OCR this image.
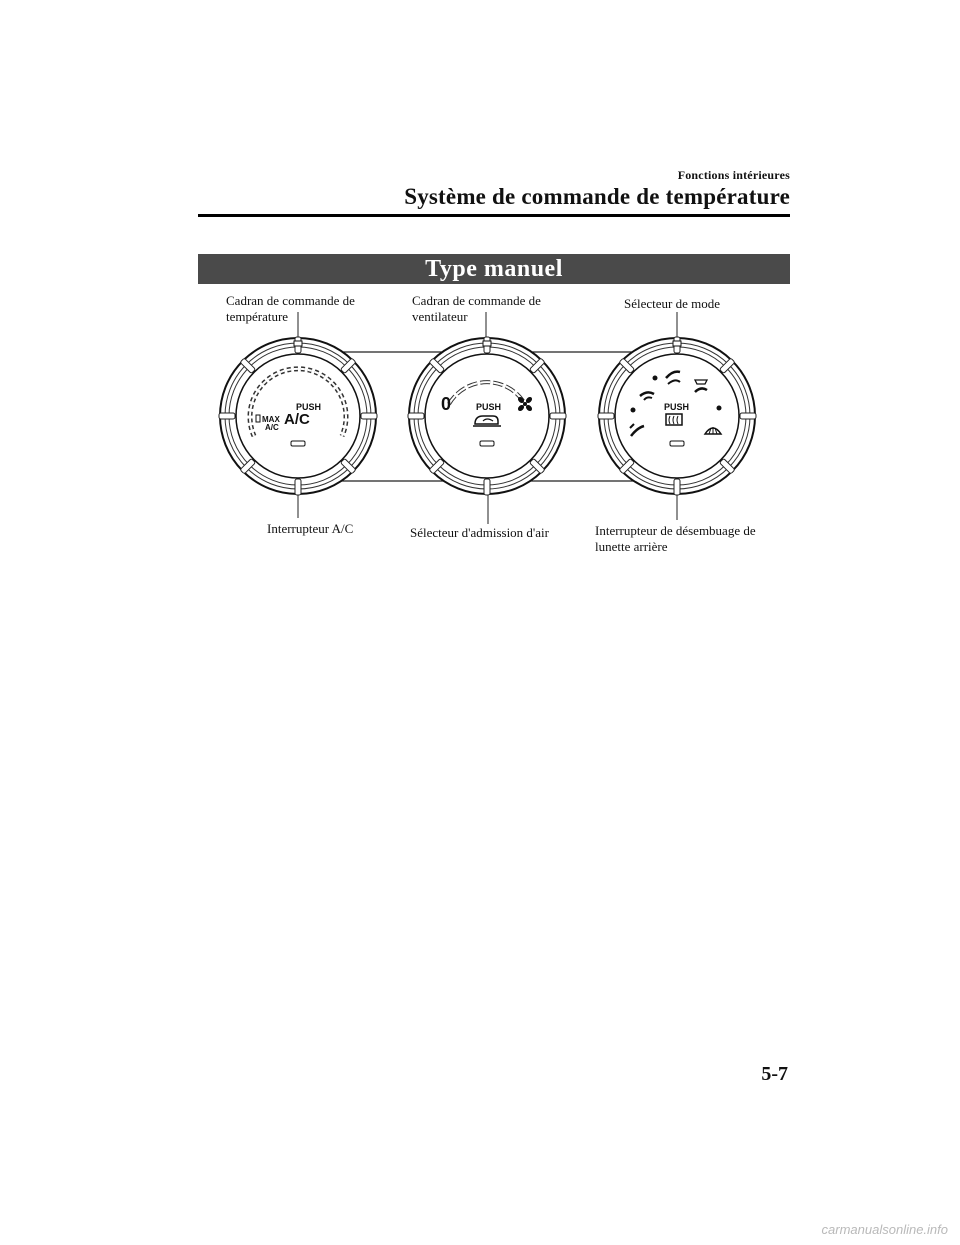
Fonctions intérieures
Système de commande de température
Type manuel
Cadran de commande de
température
Cadran de commande de
ventilateur
Sélecteur de mode
Interrupteur A/C	Sélecteur d'admission d'air	Interrupteur de désembuage de
lunette arrière
PUSH
A/C
MAX
A/C
0	PUSH	PUSH
5-7
carmanualsonline.info
